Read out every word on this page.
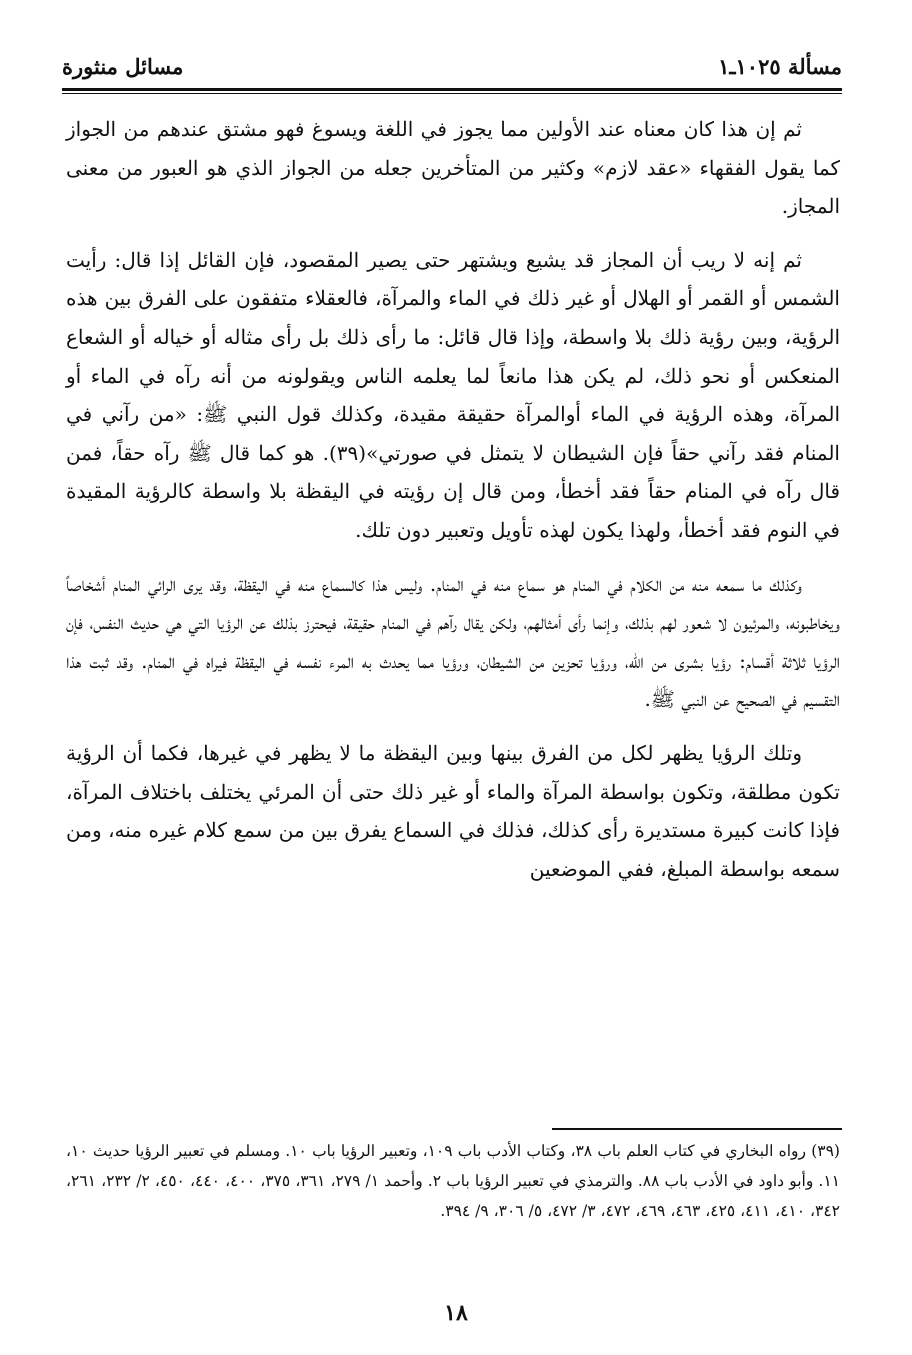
مسألة ١٠٢٥ـ١
مسائل منثورة

ثم إن هذا كان معناه عند الأولين مما يجوز في اللغة ويسوغ فهو مشتق عندهم من الجواز كما يقول الفقهاء «عقد لازم» وكثير من المتأخرين جعله من الجواز الذي هو العبور من معنى المجاز.

ثم إنه لا ريب أن المجاز قد يشيع ويشتهر حتى يصير المقصود، فإن القائل إذا قال: رأيت الشمس أو القمر أو الهلال أو غير ذلك في الماء والمرآة، فالعقلاء متفقون على الفرق بين هذه الرؤية، وبين رؤية ذلك بلا واسطة، وإذا قال قائل: ما رأى ذلك بل رأى مثاله أو خياله أو الشعاع المنعكس أو نحو ذلك، لم يكن هذا مانعاً لما يعلمه الناس ويقولونه من أنه رآه في الماء أو المرآة، وهذه الرؤية في الماء أوالمرآة حقيقة مقيدة، وكذلك قول النبي ﷺ: «من رآني في المنام فقد رآني حقاً فإن الشيطان لا يتمثل في صورتي»(٣٩). هو كما قال ﷺ رآه حقاً، فمن قال رآه في المنام حقاً فقد أخطأ، ومن قال إن رؤيته في اليقظة بلا واسطة كالرؤية المقيدة في النوم فقد أخطأ، ولهذا يكون لهذه تأويل وتعبير دون تلك.

وكذلك ما سمعه منه من الكلام في المنام هو سماع منه في المنام. وليس هذا كالسماع منه في اليقظة، وقد يرى الرائي المنام أشخاصاً ويخاطبونه، والمرئيون لا شعور لهم بذلك، وإنما رأى أمثالهم، ولكن يقال رآهم في المنام حقيقة، فيحترز بذلك عن الرؤيا التي هي حديث النفس، فإن الرؤيا ثلاثة أقسام: رؤيا بشرى من الله، ورؤيا تحزين من الشيطان، ورؤيا مما يحدث به المرء نفسه في اليقظة فيراه في المنام. وقد ثبت هذا التقسيم في الصحيح عن النبي ﷺ.

وتلك الرؤيا يظهر لكل من الفرق بينها وبين اليقظة ما لا يظهر في غيرها، فكما أن الرؤية تكون مطلقة، وتكون بواسطة المرآة والماء أو غير ذلك حتى أن المرئي يختلف باختلاف المرآة، فإذا كانت كبيرة مستديرة رأى كذلك، فذلك في السماع يفرق بين من سمع كلام غيره منه، ومن سمعه بواسطة المبلغ، ففي الموضعين

(٣٩) رواه البخاري في كتاب العلم باب ٣٨، وكتاب الأدب باب ١٠٩، وتعبير الرؤيا باب ١٠. ومسلم في تعبير الرؤيا حديث ١٠، ١١. وأبو داود في الأدب باب ٨٨. والترمذي في تعبير الرؤيا باب ٢. وأحمد ١/ ٢٧٩، ٣٦١، ٣٧٥، ٤٠٠، ٤٤٠، ٤٥٠، ٢/ ٢٣٢، ٢٦١، ٣٤٢، ٤١٠، ٤١١، ٤٢٥، ٤٦٣، ٤٦٩، ٤٧٢، ٣/ ٤٧٢، ٥/ ٣٠٦، ٩/ ٣٩٤.

١٨
